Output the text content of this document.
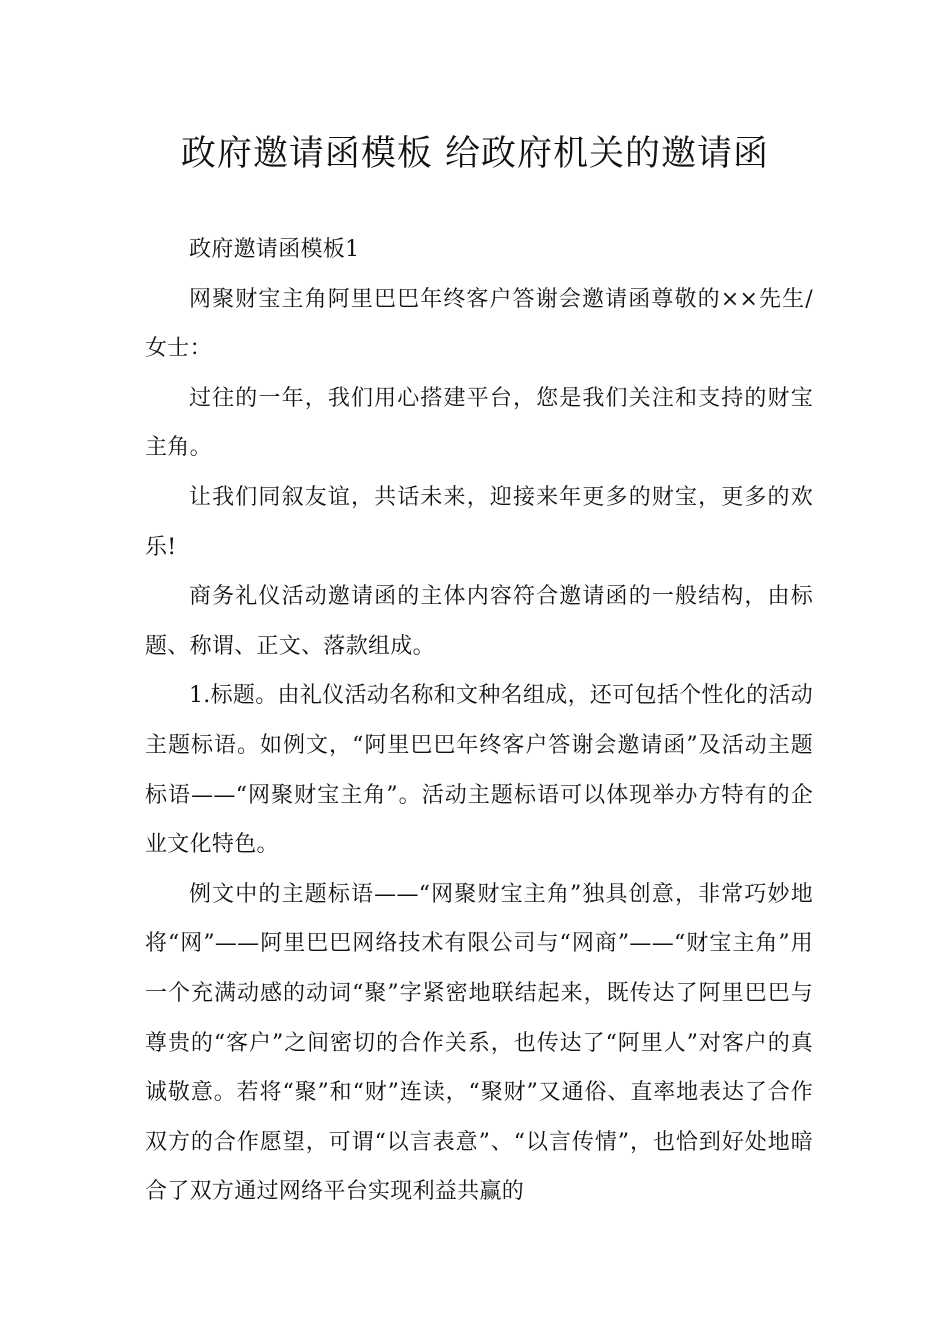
政府邀请函模板 给政府机关的邀请函

政府邀请函模板1

网聚财宝主角阿里巴巴年终客户答谢会邀请函尊敬的××先生/女士：

过往的一年，我们用心搭建平台，您是我们关注和支持的财宝主角。

让我们同叙友谊，共话未来，迎接来年更多的财宝，更多的欢乐!

商务礼仪活动邀请函的主体内容符合邀请函的一般结构，由标题、称谓、正文、落款组成。

1.标题。由礼仪活动名称和文种名组成，还可包括个性化的活动主题标语。如例文，“阿里巴巴年终客户答谢会邀请函”及活动主题标语——“网聚财宝主角”。活动主题标语可以体现举办方特有的企业文化特色。

例文中的主题标语——“网聚财宝主角”独具创意，非常巧妙地将“网”——阿里巴巴网络技术有限公司与“网商”——“财宝主角”用一个充满动感的动词“聚”字紧密地联结起来，既传达了阿里巴巴与尊贵的“客户”之间密切的合作关系，也传达了“阿里人”对客户的真诚敬意。若将“聚”和“财”连读，“聚财”又通俗、直率地表达了合作双方的合作愿望，可谓“以言表意”、“以言传情”，也恰到好处地暗合了双方通过网络平台实现利益共赢的
